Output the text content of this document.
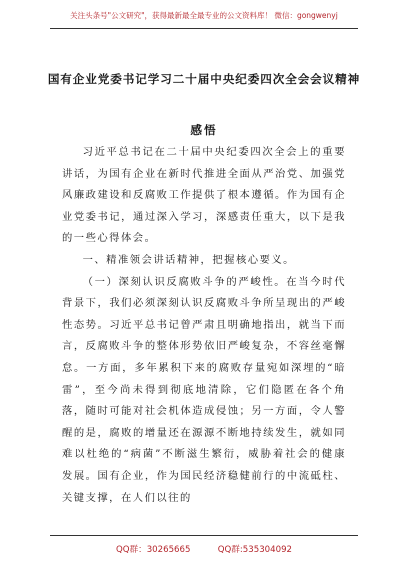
关注头条号"公文研究"，获得最新最全最专业的公文资料库！ 微信：gongwenyj
国有企业党委书记学习二十届中央纪委四次全会会议精神
感悟

习近平总书记在二十届中央纪委四次全会上的重要讲话，为国有企业在新时代推进全面从严治党、加强党风廉政建设和反腐败工作提供了根本遵循。作为国有企业党委书记，通过深入学习，深感责任重大，以下是我的一些心得体会。

一、精准领会讲话精神，把握核心要义。

（一）深刻认识反腐败斗争的严峻性。在当今时代背景下，我们必须深刻认识反腐败斗争所呈现出的严峻性态势。习近平总书记曾严肃且明确地指出，就当下而言，反腐败斗争的整体形势依旧严峻复杂，不容丝毫懈怠。一方面，多年累积下来的腐败存量宛如深埋的“暗雷”，至今尚未得到彻底地清除，它们隐匿在各个角落，随时可能对社会机体造成侵蚀；另一方面，令人警醒的是，腐败的增量还在源源不断地持续发生，就如同难以杜绝的“病菌”不断滋生繁衍，威胁着社会的健康发展。国有企业，作为国民经济稳健前行的中流砥柱、关键支撑，在人们以往的

QQ群：30265665          QQ群:535304092
